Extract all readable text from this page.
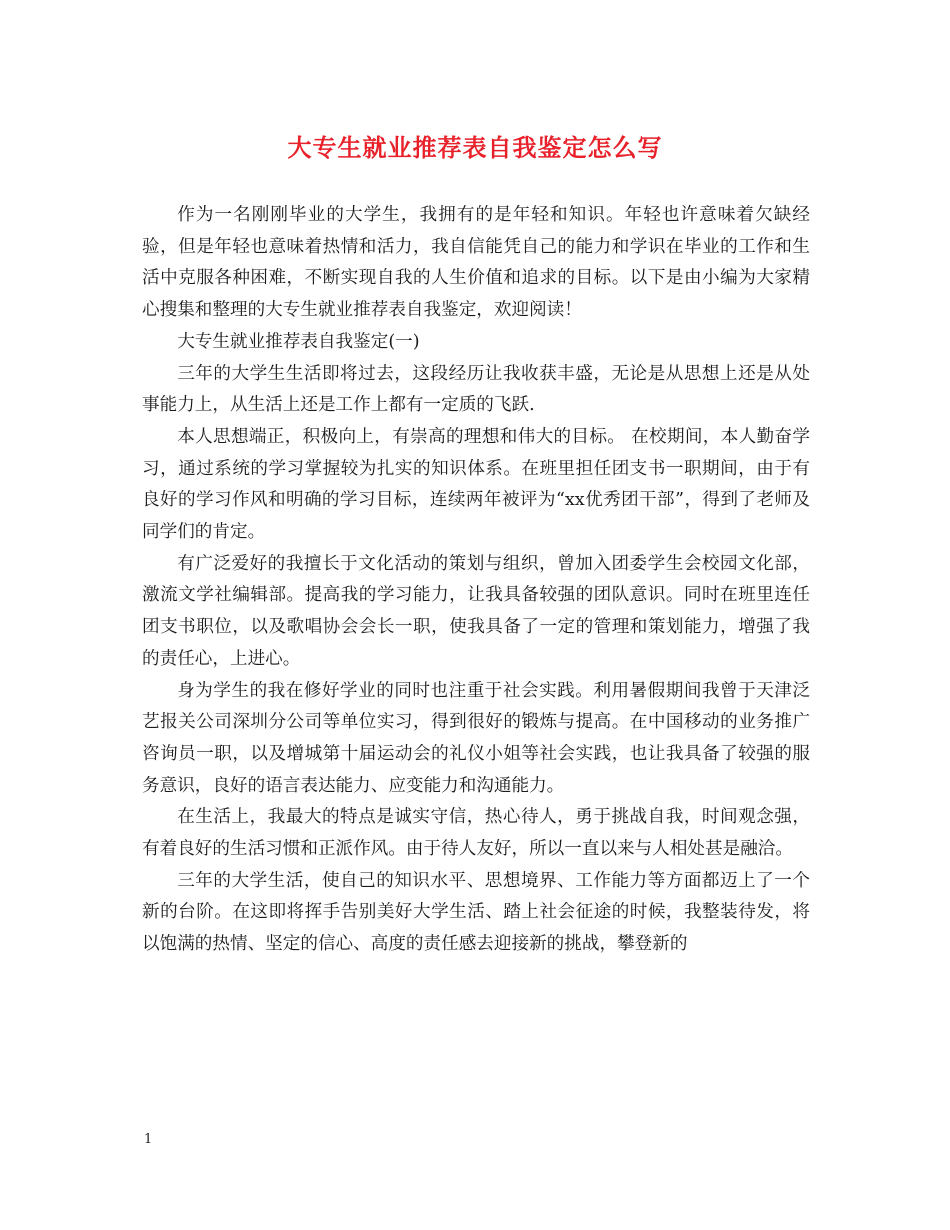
大专生就业推荐表自我鉴定怎么写

作为一名刚刚毕业的大学生，我拥有的是年轻和知识。年轻也许意味着欠缺经验，但是年轻也意味着热情和活力，我自信能凭自己的能力和学识在毕业的工作和生活中克服各种困难，不断实现自我的人生价值和追求的目标。以下是由小编为大家精心搜集和整理的大专生就业推荐表自我鉴定，欢迎阅读！

大专生就业推荐表自我鉴定(一)

三年的大学生生活即将过去，这段经历让我收获丰盛，无论是从思想上还是从处事能力上，从生活上还是工作上都有一定质的飞跃.

本人思想端正，积极向上，有崇高的理想和伟大的目标。 在校期间，本人勤奋学习，通过系统的学习掌握较为扎实的知识体系。在班里担任团支书一职期间，由于有良好的学习作风和明确的学习目标，连续两年被评为“xx优秀团干部”，得到了老师及同学们的肯定。

有广泛爱好的我擅长于文化活动的策划与组织，曾加入团委学生会校园文化部，激流文学社编辑部。提高我的学习能力，让我具备较强的团队意识。同时在班里连任团支书职位，以及歌唱协会会长一职，使我具备了一定的管理和策划能力，增强了我的责任心，上进心。

身为学生的我在修好学业的同时也注重于社会实践。利用暑假期间我曾于天津泛艺报关公司深圳分公司等单位实习，得到很好的锻炼与提高。在中国移动的业务推广咨询员一职，以及增城第十届运动会的礼仪小姐等社会实践，也让我具备了较强的服务意识，良好的语言表达能力、应变能力和沟通能力。

在生活上，我最大的特点是诚实守信，热心待人，勇于挑战自我，时间观念强，有着良好的生活习惯和正派作风。由于待人友好，所以一直以来与人相处甚是融洽。

三年的大学生活，使自己的知识水平、思想境界、工作能力等方面都迈上了一个新的台阶。在这即将挥手告别美好大学生活、踏上社会征途的时候，我整装待发，将以饱满的热情、坚定的信心、高度的责任感去迎接新的挑战，攀登新的

1
